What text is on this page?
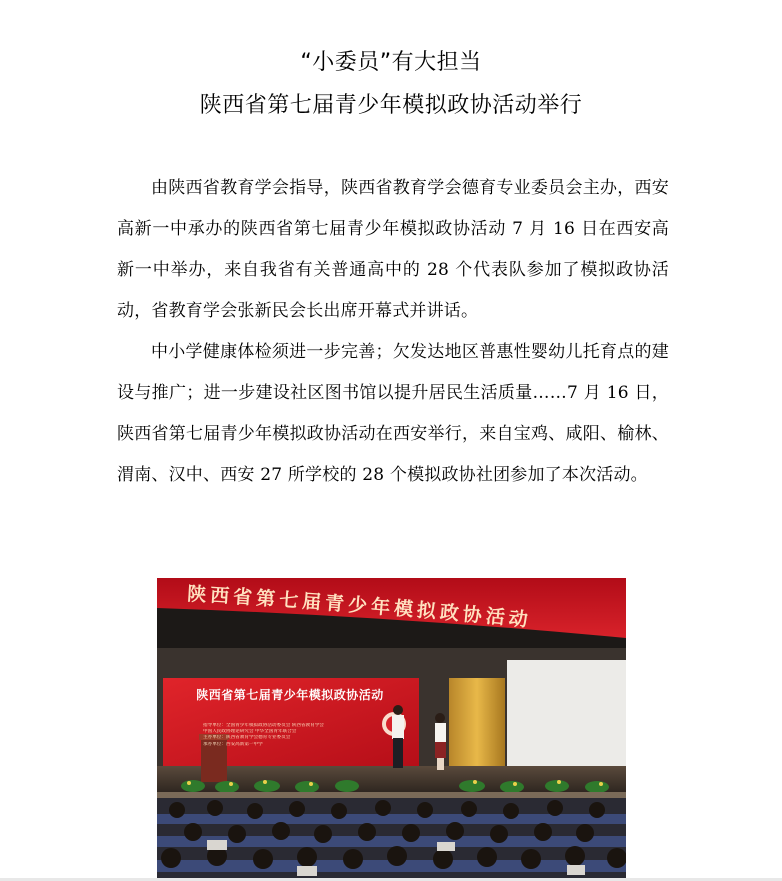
“小委员”有大担当
陕西省第七届青少年模拟政协活动举行

由陕西省教育学会指导，陕西省教育学会德育专业委员会主办，西安高新一中承办的陕西省第七届青少年模拟政协活动 7 月 16 日在西安高新一中举办，来自我省有关普通高中的 28 个代表队参加了模拟政协活动，省教育学会张新民会长出席开幕式并讲话。

中小学健康体检须进一步完善；欠发达地区普惠性婴幼儿托育点的建设与推广；进一步建设社区图书馆以提升居民生活质量……7 月 16 日，陕西省第七届青少年模拟政协活动在西安举行，来自宝鸡、咸阳、榆林、渭南、汉中、西安 27 所学校的 28 个模拟政协社团参加了本次活动。

陕西省第七届青少年模拟政协活动
陕西省第七届青少年模拟政协活动
指导单位：全国青少年模拟政协活动委员会 陕西省教育学会
中国人民政协理论研究会 中华全国青年联合会
主办单位：陕西省教育学会德育专业委员会
承办单位：西安高新第一中学
